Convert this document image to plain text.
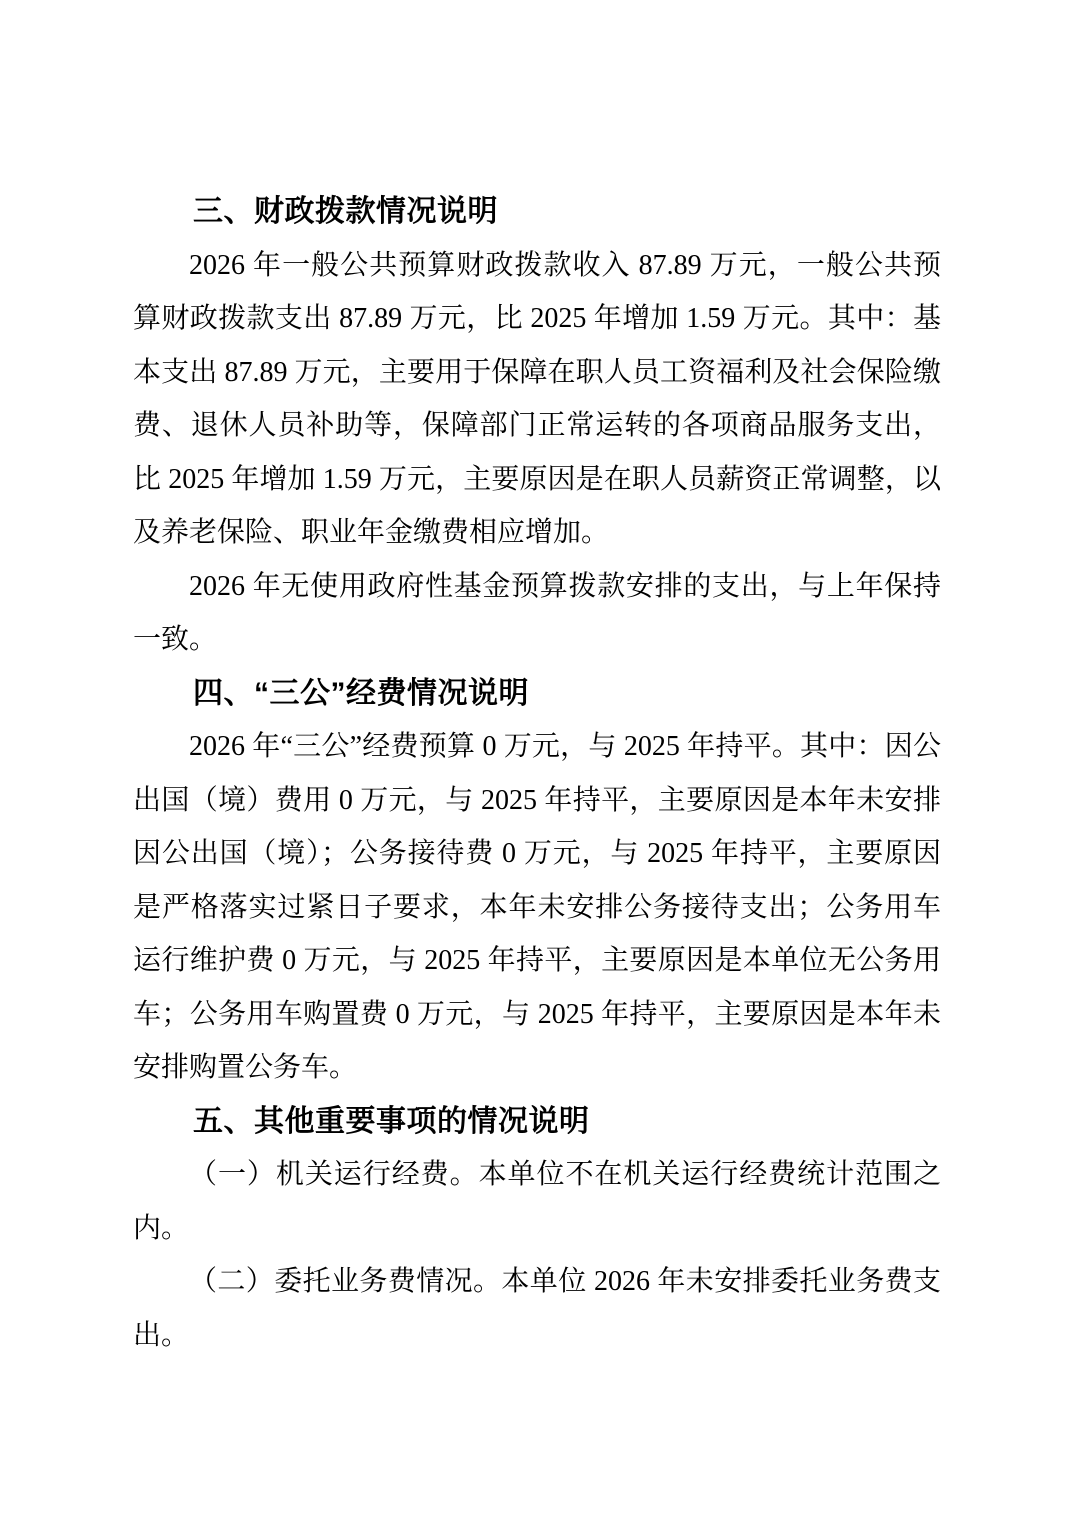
三、财政拨款情况说明

2026 年一般公共预算财政拨款收入 87.89 万元，一般公共预算财政拨款支出 87.89 万元，比 2025 年增加 1.59 万元。其中：基本支出 87.89 万元，主要用于保障在职人员工资福利及社会保险缴费、退休人员补助等，保障部门正常运转的各项商品服务支出，比 2025 年增加 1.59 万元，主要原因是在职人员薪资正常调整，以及养老保险、职业年金缴费相应增加。

2026 年无使用政府性基金预算拨款安排的支出，与上年保持一致。

四、“三公”经费情况说明

2026 年“三公”经费预算 0 万元，与 2025 年持平。其中：因公出国（境）费用 0 万元，与 2025 年持平，主要原因是本年未安排因公出国（境）；公务接待费 0 万元，与 2025 年持平，主要原因是严格落实过紧日子要求，本年未安排公务接待支出；公务用车运行维护费 0 万元，与 2025 年持平，主要原因是本单位无公务用车；公务用车购置费 0 万元，与 2025 年持平，主要原因是本年未安排购置公务车。

五、其他重要事项的情况说明

（一）机关运行经费。本单位不在机关运行经费统计范围之内。

（二）委托业务费情况。本单位 2026 年未安排委托业务费支出。
